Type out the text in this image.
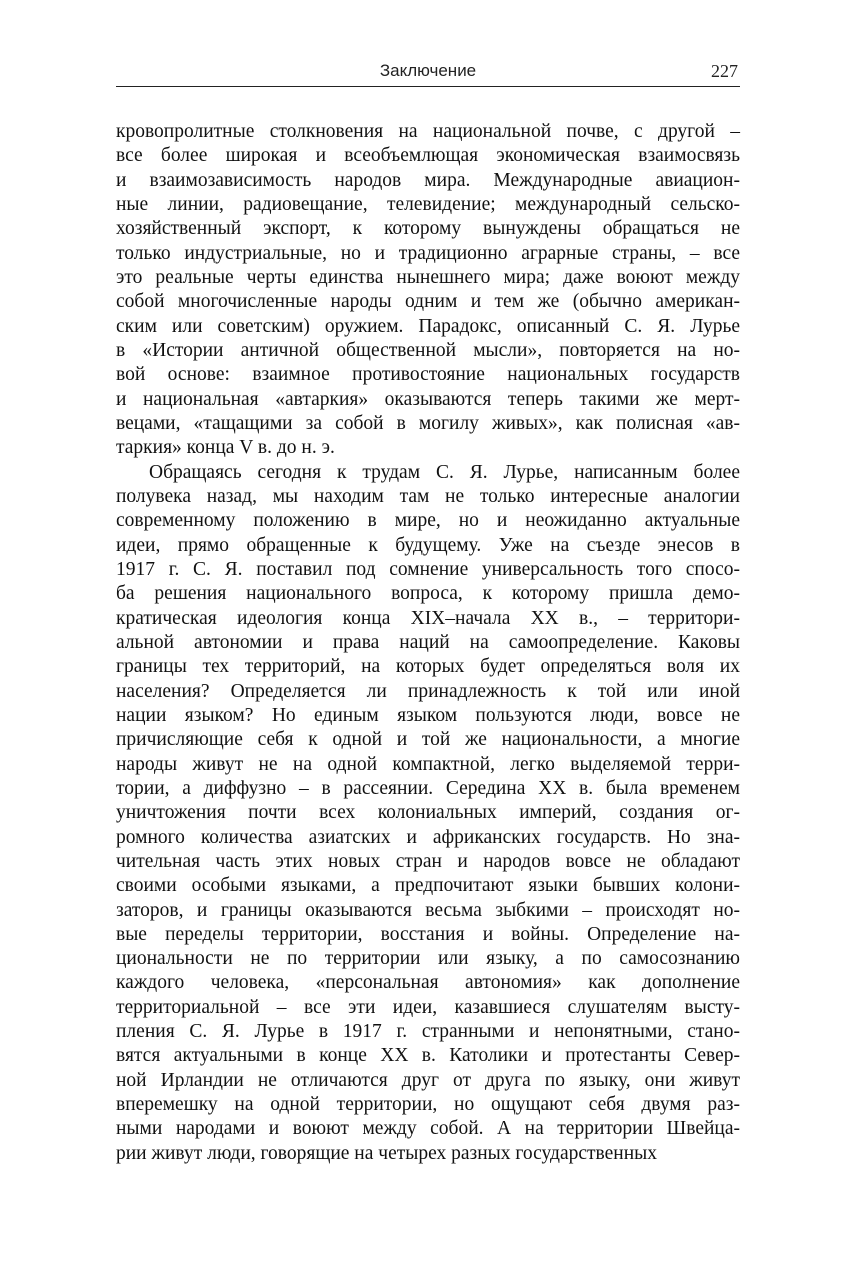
Заключение	227
кровопролитные столкновения на национальной почве, с другой –
все более широкая и всеобъемлющая экономическая взаимосвязь
и взаимозависимость народов мира. Международные авиацион-
ные линии, радиовещание, телевидение; международный сельско-
хозяйственный экспорт, к которому вынуждены обращаться не
только индустриальные, но и традиционно аграрные страны, – все
это реальные черты единства нынешнего мира; даже воюют между
собой многочисленные народы одним и тем же (обычно американ-
ским или советским) оружием. Парадокс, описанный С. Я. Лурье
в «Истории античной общественной мысли», повторяется на но-
вой основе: взаимное противостояние национальных государств
и национальная «автаркия» оказываются теперь такими же мерт-
вецами, «тащащими за собой в могилу живых», как полисная «ав-
таркия» конца V в. до н. э.
Обращаясь сегодня к трудам С. Я. Лурье, написанным более
полувека назад, мы находим там не только интересные аналогии
современному положению в мире, но и неожиданно актуальные
идеи, прямо обращенные к будущему. Уже на съезде энесов в
1917 г. С. Я. поставил под сомнение универсальность того спосо-
ба решения национального вопроса, к которому пришла демо-
кратическая идеология конца XIX–начала XX в., – территори-
альной автономии и права наций на самоопределение. Каковы
границы тех территорий, на которых будет определяться воля их
населения? Определяется ли принадлежность к той или иной
нации языком? Но единым языком пользуются люди, вовсе не
причисляющие себя к одной и той же национальности, а многие
народы живут не на одной компактной, легко выделяемой терри-
тории, а диффузно – в рассеянии. Середина XX в. была временем
уничтожения почти всех колониальных империй, создания ог-
ромного количества азиатских и африканских государств. Но зна-
чительная часть этих новых стран и народов вовсе не обладают
своими особыми языками, а предпочитают языки бывших колони-
заторов, и границы оказываются весьма зыбкими – происходят но-
вые переделы территории, восстания и войны. Определение на-
циональности не по территории или языку, а по самосознанию
каждого человека, «персональная автономия» как дополнение
территориальной – все эти идеи, казавшиеся слушателям высту-
пления С. Я. Лурье в 1917 г. странными и непонятными, стано-
вятся актуальными в конце XX в. Католики и протестанты Север-
ной Ирландии не отличаются друг от друга по языку, они живут
вперемешку на одной территории, но ощущают себя двумя раз-
ными народами и воюют между собой. А на территории Швейца-
рии живут люди, говорящие на четырех разных государственных
